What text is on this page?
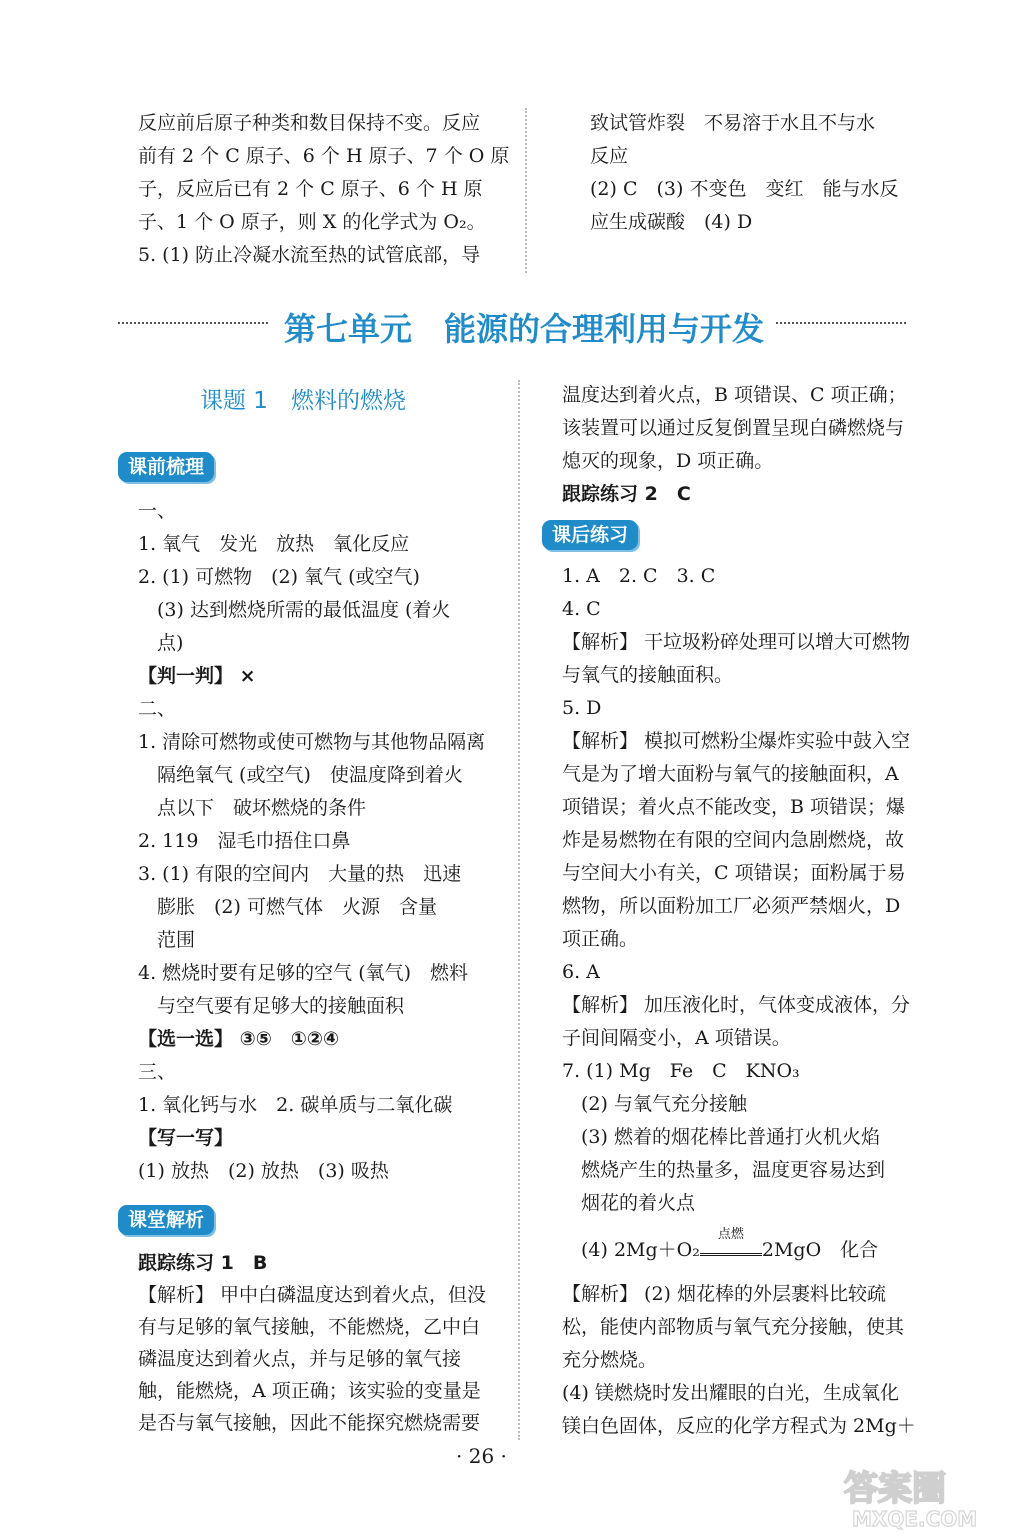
反应前后原子种类和数目保持不变。反应
前有 2 个 C 原子、6 个 H 原子、7 个 O 原
子，反应后已有 2 个 C 原子、6 个 H 原
子、1 个 O 原子，则 X 的化学式为 O₂。
5. (1) 防止冷凝水流至热的试管底部，导
致试管炸裂　不易溶于水且不与水
反应
(2) C　(3) 不变色　变红　能与水反
应生成碳酸　(4) D
第七单元　能源的合理利用与开发
课题 1　燃料的燃烧
课前梳理
一、
1. 氧气　发光　放热　氧化反应
2. (1) 可燃物　(2) 氧气 (或空气)
　(3) 达到燃烧所需的最低温度 (着火
　点)
【判一判】 ×
二、
1. 清除可燃物或使可燃物与其他物品隔离
　隔绝氧气 (或空气)　使温度降到着火
　点以下　破坏燃烧的条件
2. 119　湿毛巾捂住口鼻
3. (1) 有限的空间内　大量的热　迅速
　膨胀　(2) 可燃气体　火源　含量
　范围
4. 燃烧时要有足够的空气 (氧气)　燃料
　与空气要有足够大的接触面积
【选一选】 ③⑤　①②④
三、
1. 氧化钙与水　2. 碳单质与二氧化碳
【写一写】
(1) 放热　(2) 放热　(3) 吸热
课堂解析
跟踪练习 1　B
【解析】 甲中白磷温度达到着火点，但没
有与足够的氧气接触，不能燃烧，乙中白
磷温度达到着火点，并与足够的氧气接
触，能燃烧，A 项正确；该实验的变量是
是否与氧气接触，因此不能探究燃烧需要
温度达到着火点，B 项错误、C 项正确；
该装置可以通过反复倒置呈现白磷燃烧与
熄灭的现象，D 项正确。
跟踪练习 2　C
课后练习
1. A　2. C　3. C
4. C
【解析】 干垃圾粉碎处理可以增大可燃物
与氧气的接触面积。
5. D
【解析】 模拟可燃粉尘爆炸实验中鼓入空
气是为了增大面粉与氧气的接触面积，A
项错误；着火点不能改变，B 项错误；爆
炸是易燃物在有限的空间内急剧燃烧，故
与空间大小有关，C 项错误；面粉属于易
燃物，所以面粉加工厂必须严禁烟火，D
项正确。
6. A
【解析】 加压液化时，气体变成液体，分
子间间隔变小，A 项错误。
7. (1) Mg　Fe　C　KNO₃
　(2) 与氧气充分接触
　(3) 燃着的烟花棒比普通打火机火焰
　燃烧产生的热量多，温度更容易达到
　烟花的着火点
　(4) 2Mg＋O₂
点燃
2MgO　化合
【解析】 (2) 烟花棒的外层裹料比较疏
松，能使内部物质与氧气充分接触，使其
充分燃烧。
(4) 镁燃烧时发出耀眼的白光，生成氧化
镁白色固体，反应的化学方程式为 2Mg＋
· 26 ·
答案圈
MXQE.COM
